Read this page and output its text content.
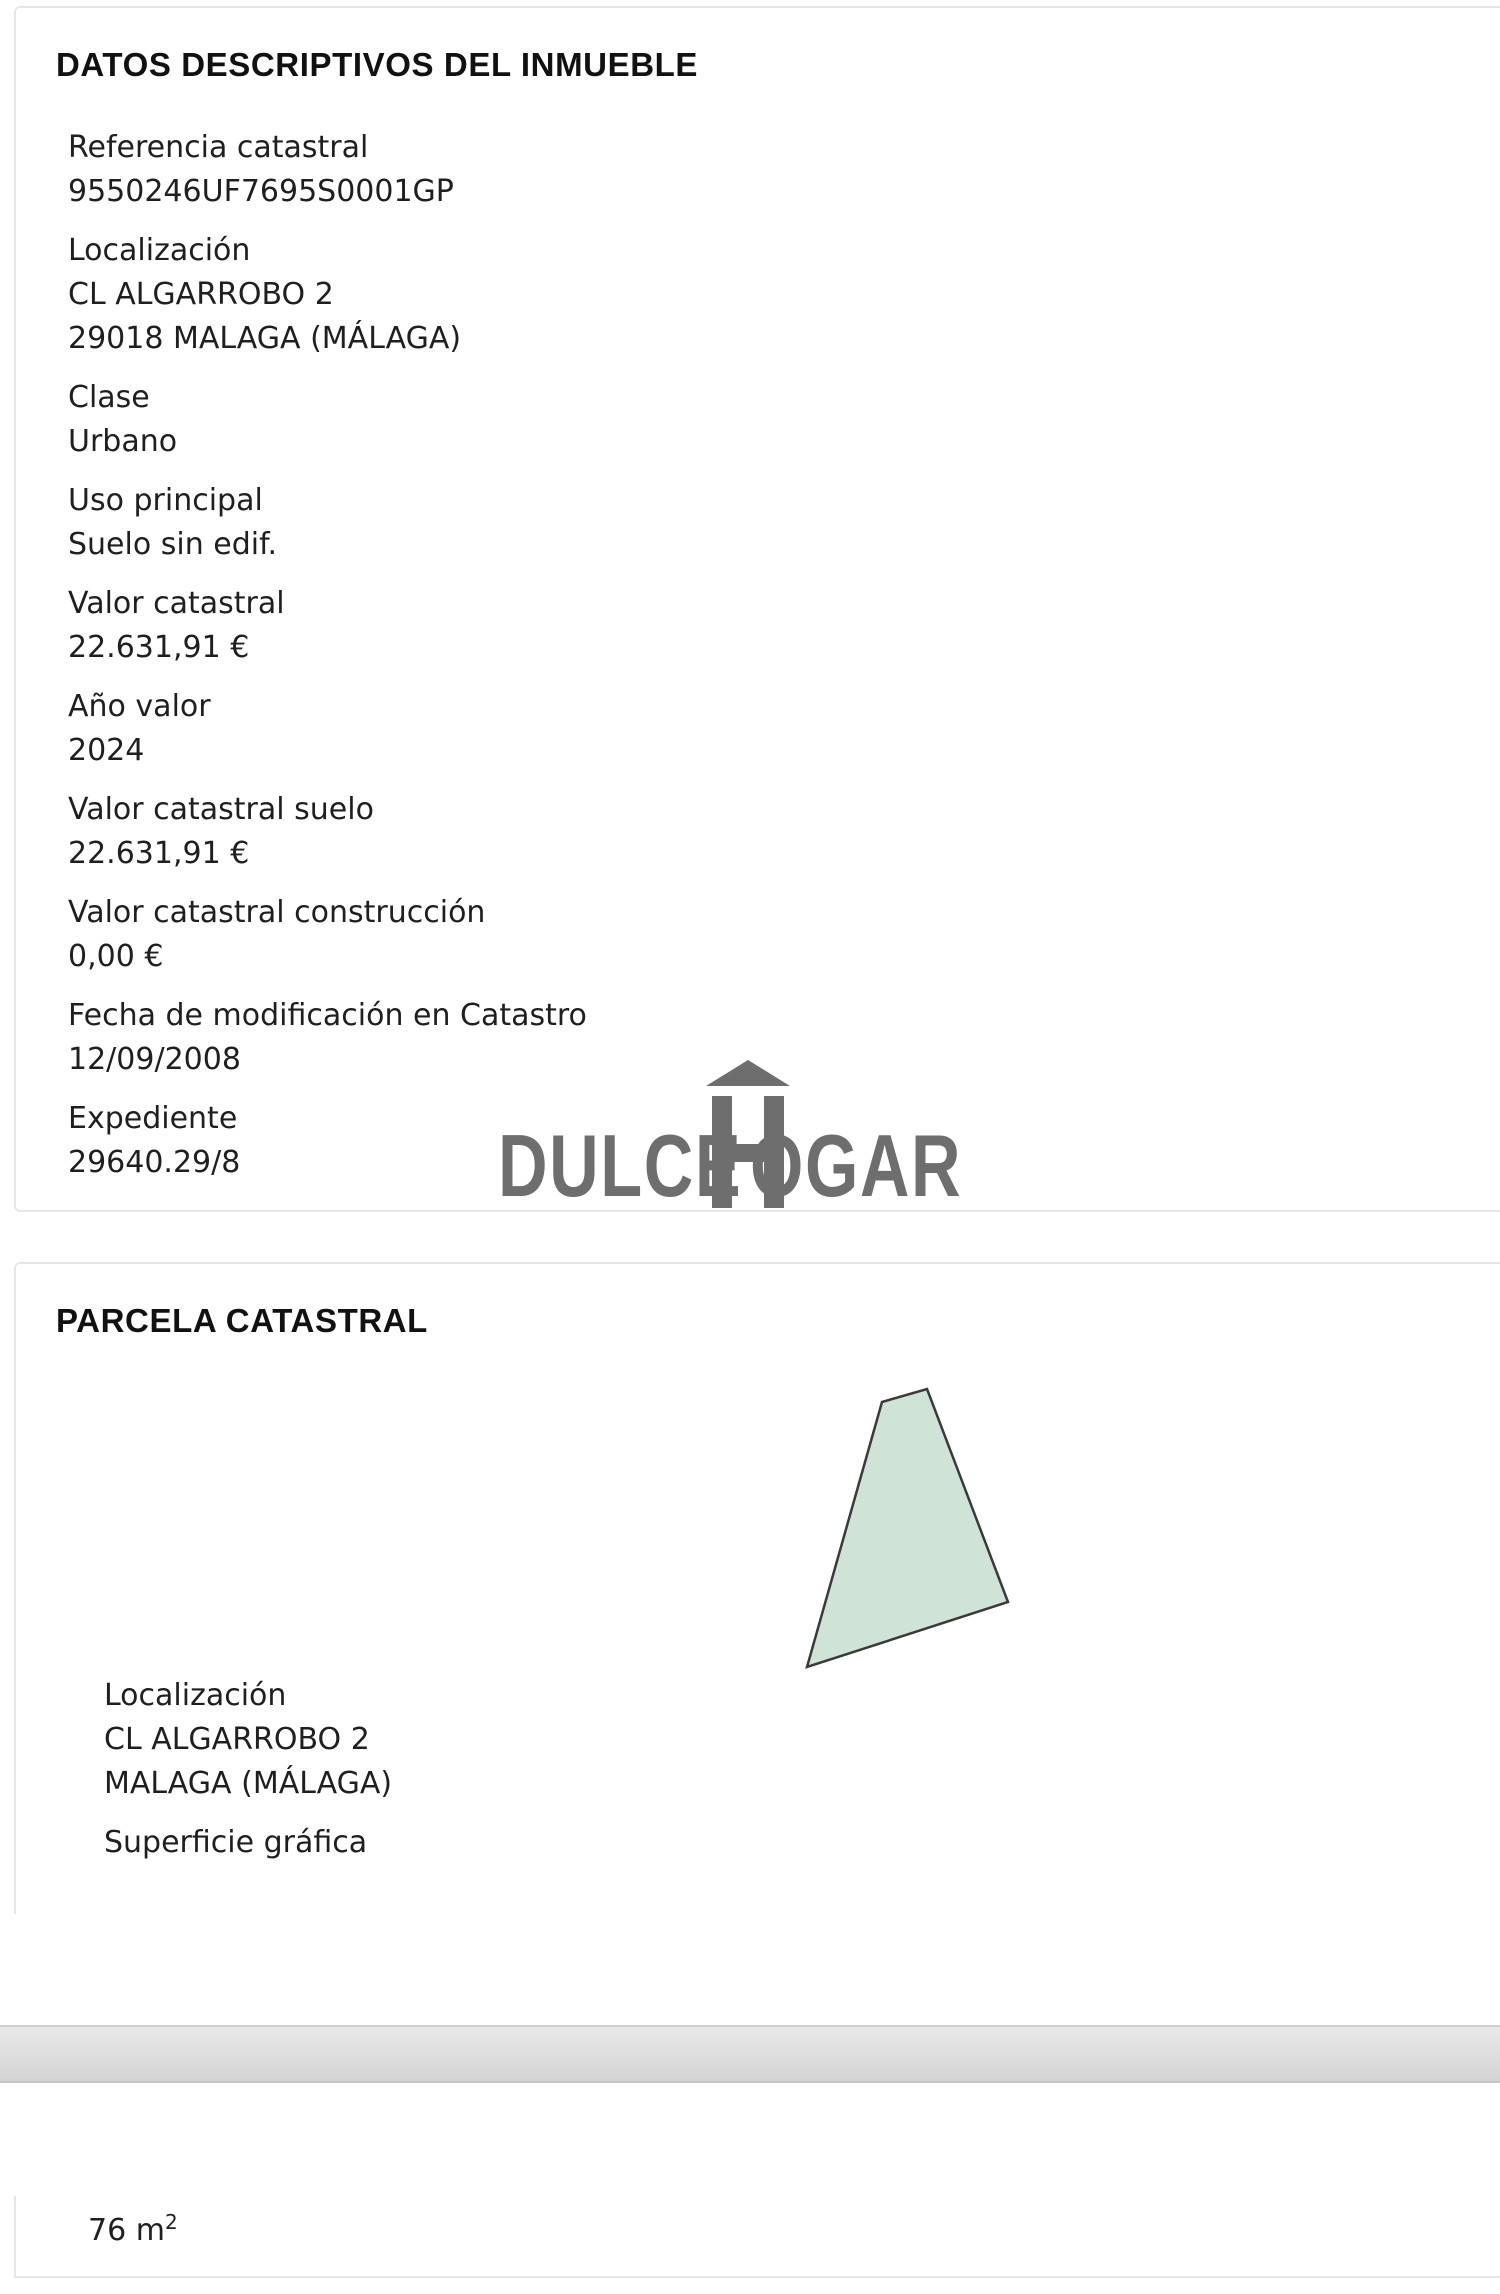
DATOS DESCRIPTIVOS DEL INMUEBLE
Referencia catastral
9550246UF7695S0001GP
Localización
CL ALGARROBO 2
29018 MALAGA (MÁLAGA)
Clase
Urbano
Uso principal
Suelo sin edif.
Valor catastral
22.631,91 €
Año valor
2024
Valor catastral suelo
22.631,91 €
Valor catastral construcción
0,00 €
Fecha de modificación en Catastro
12/09/2008
Expediente
29640.29/8	DULCE OGAR
PARCELA CATASTRAL
Localización
CL ALGARROBO 2
MALAGA (MÁLAGA)
Superficie gráfica
76 $m^2$
